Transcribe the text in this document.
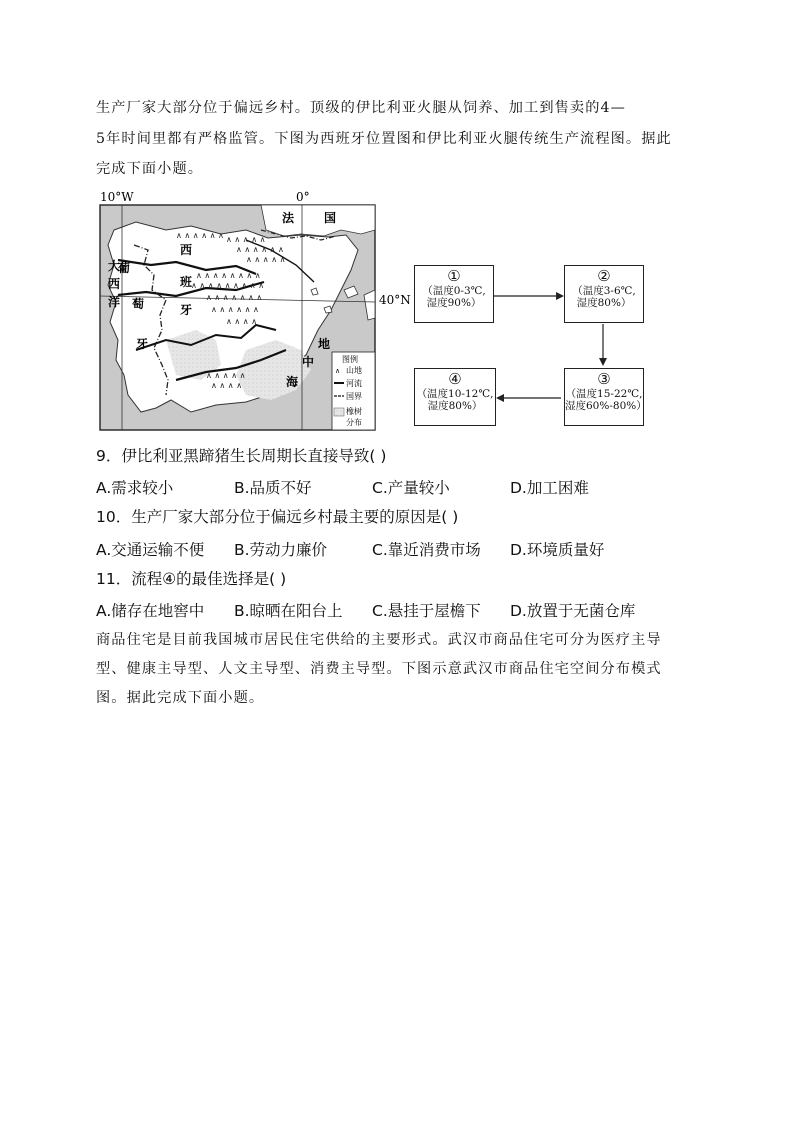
生产厂家大部分位于偏远乡村。顶级的伊比利亚火腿从饲养、加工到售卖的4—
5年时间里都有严格监管。下图为西班牙位置图和伊比利亚火腿传统生产流程图。据此
完成下面小题。
∧ ∧ ∧ ∧ ∧ ∧ ∧ ∧ ∧ ∧ ∧
∧ ∧ ∧ ∧ ∧ ∧
∧ ∧ ∧ ∧ ∧
∧ ∧ ∧ ∧ ∧ ∧ ∧ ∧
∧ ∧ ∧ ∧ ∧ ∧ ∧ ∧ ∧
∧ ∧ ∧ ∧ ∧ ∧ ∧
∧ ∧ ∧ ∧ ∧ ∧
∧ ∧ ∧ ∧
∧ ∧ ∧ ∧ ∧
∧ ∧ ∧ ∧
10°W	0°
40°N
法 国
西
班
牙
葡
萄
牙
大
西
洋
地
中
海
图例
∧ 山地
河流
国界
橡树
分布
①
（温度0-3℃,
湿度90%）
②
（温度3-6℃,
湿度80%）
③
（温度15-22℃,
湿度60%-80%）
④
（温度10-12℃,
湿度80%）

9．伊比利亚黑蹄猪生长周期长直接导致( )

A.需求较小	B.品质不好	C.产量较小	D.加工困难

10．生产厂家大部分位于偏远乡村最主要的原因是( )

A.交通运输不便 B.劳动力廉价	C.靠近消费市场 D.环境质量好

11．流程④的最佳选择是( )

A.储存在地窖中 B.晾晒在阳台上 C.悬挂于屋檐下 D.放置于无菌仓库
商品住宅是目前我国城市居民住宅供给的主要形式。武汉市商品住宅可分为医疗主导
型、健康主导型、人文主导型、消费主导型。下图示意武汉市商品住宅空间分布模式
图。据此完成下面小题。
